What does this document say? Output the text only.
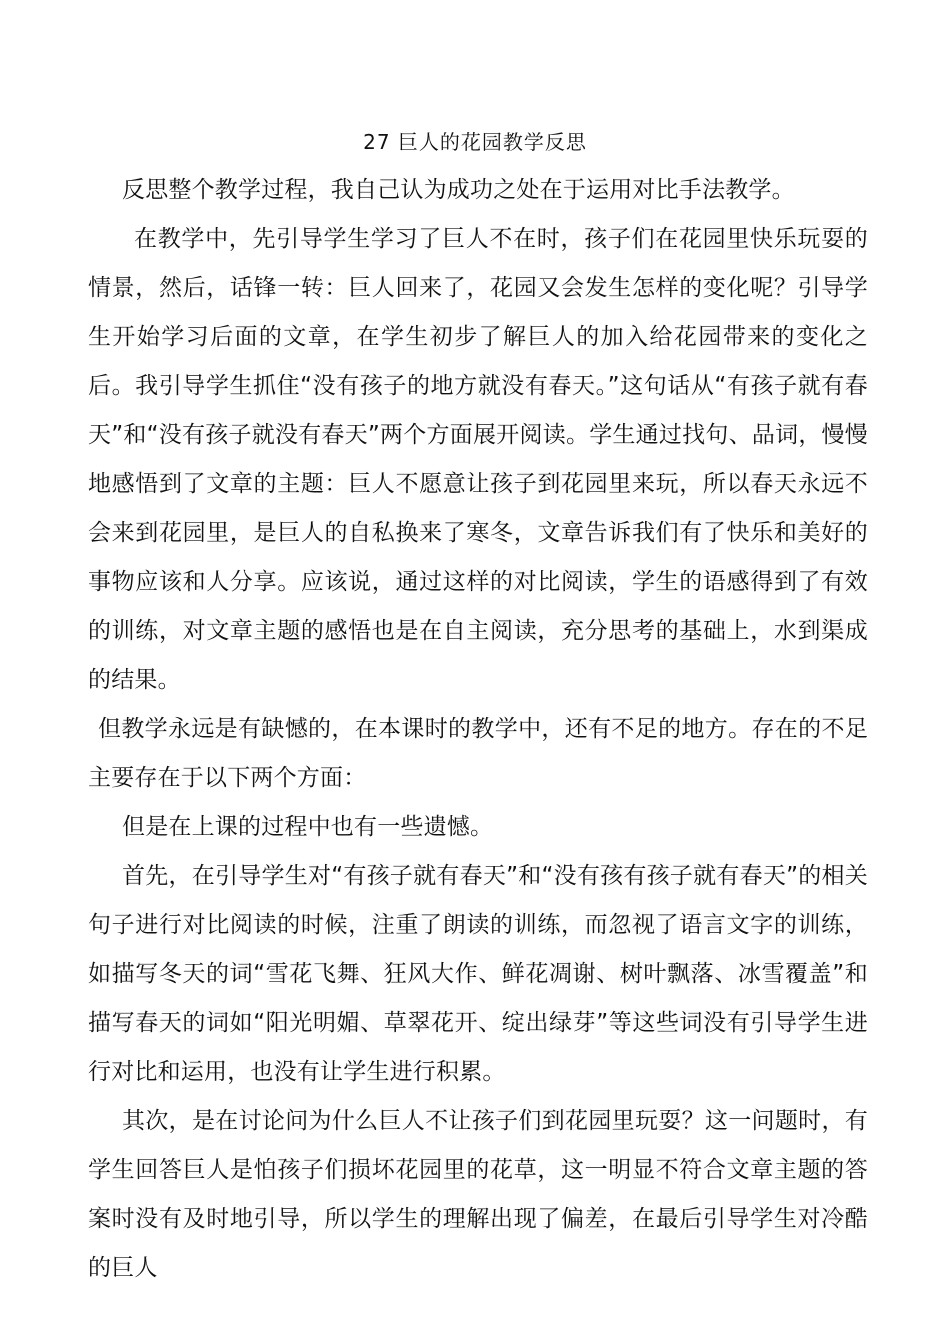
27 巨人的花园教学反思

反思整个教学过程，我自己认为成功之处在于运用对比手法教学。

在教学中，先引导学生学习了巨人不在时，孩子们在花园里快乐玩耍的情景，然后，话锋一转：巨人回来了，花园又会发生怎样的变化呢？引导学生开始学习后面的文章，在学生初步了解巨人的加入给花园带来的变化之后。我引导学生抓住“没有孩子的地方就没有春天。”这句话从“有孩子就有春天”和“没有孩子就没有春天”两个方面展开阅读。学生通过找句、品词，慢慢地感悟到了文章的主题：巨人不愿意让孩子到花园里来玩，所以春天永远不会来到花园里，是巨人的自私换来了寒冬，文章告诉我们有了快乐和美好的事物应该和人分享。应该说，通过这样的对比阅读，学生的语感得到了有效的训练，对文章主题的感悟也是在自主阅读，充分思考的基础上，水到渠成的结果。

但教学永远是有缺憾的，在本课时的教学中，还有不足的地方。存在的不足主要存在于以下两个方面：

但是在上课的过程中也有一些遗憾。

首先，在引导学生对“有孩子就有春天”和“没有孩有孩子就有春天”的相关句子进行对比阅读的时候，注重了朗读的训练，而忽视了语言文字的训练，如描写冬天的词“雪花飞舞、狂风大作、鲜花凋谢、树叶飘落、冰雪覆盖”和描写春天的词如“阳光明媚、草翠花开、绽出绿芽”等这些词没有引导学生进行对比和运用，也没有让学生进行积累。

其次，是在讨论问为什么巨人不让孩子们到花园里玩耍？这一问题时，有学生回答巨人是怕孩子们损坏花园里的花草，这一明显不符合文章主题的答案时没有及时地引导，所以学生的理解出现了偏差，在最后引导学生对冷酷的巨人
